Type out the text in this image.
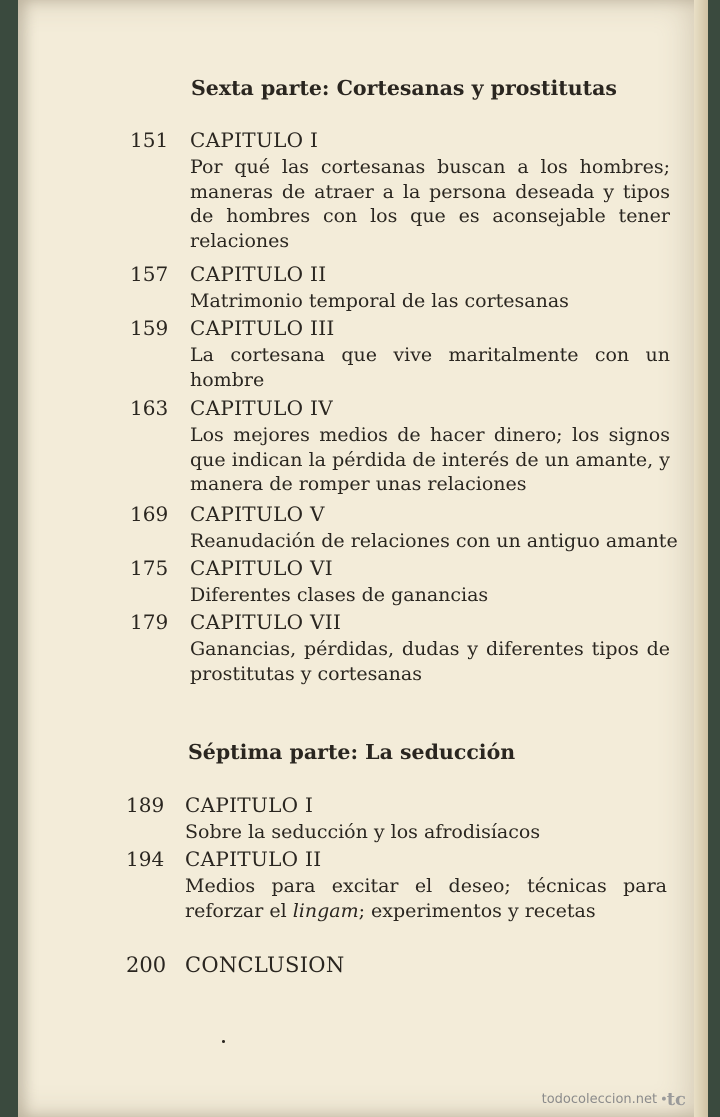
Sexta parte: Cortesanas y prostitutas
151	CAPITULO I
Por qué las cortesanas buscan a los hombres; maneras de atraer a la persona deseada y tipos de hombres con los que es aconsejable tener relaciones
157	CAPITULO II
Matrimonio temporal de las cortesanas
159	CAPITULO III
La cortesana que vive maritalmente con un hombre
163	CAPITULO IV
Los mejores medios de hacer dinero; los signos que indican la pérdida de interés de un amante, y manera de romper unas relaciones
169	CAPITULO V
Reanudación de relaciones con un antiguo amante
175	CAPITULO VI
Diferentes clases de ganancias
179	CAPITULO VII
Ganancias, pérdidas, dudas y diferentes tipos de prostitutas y cortesanas
Séptima parte: La seducción
189	CAPITULO I
Sobre la seducción y los afrodisíacos
194	CAPITULO II
Medios para excitar el deseo; técnicas para reforzar el lingam; experimentos y recetas
200 CONCLUSION
todocoleccion.net ꞏtc
